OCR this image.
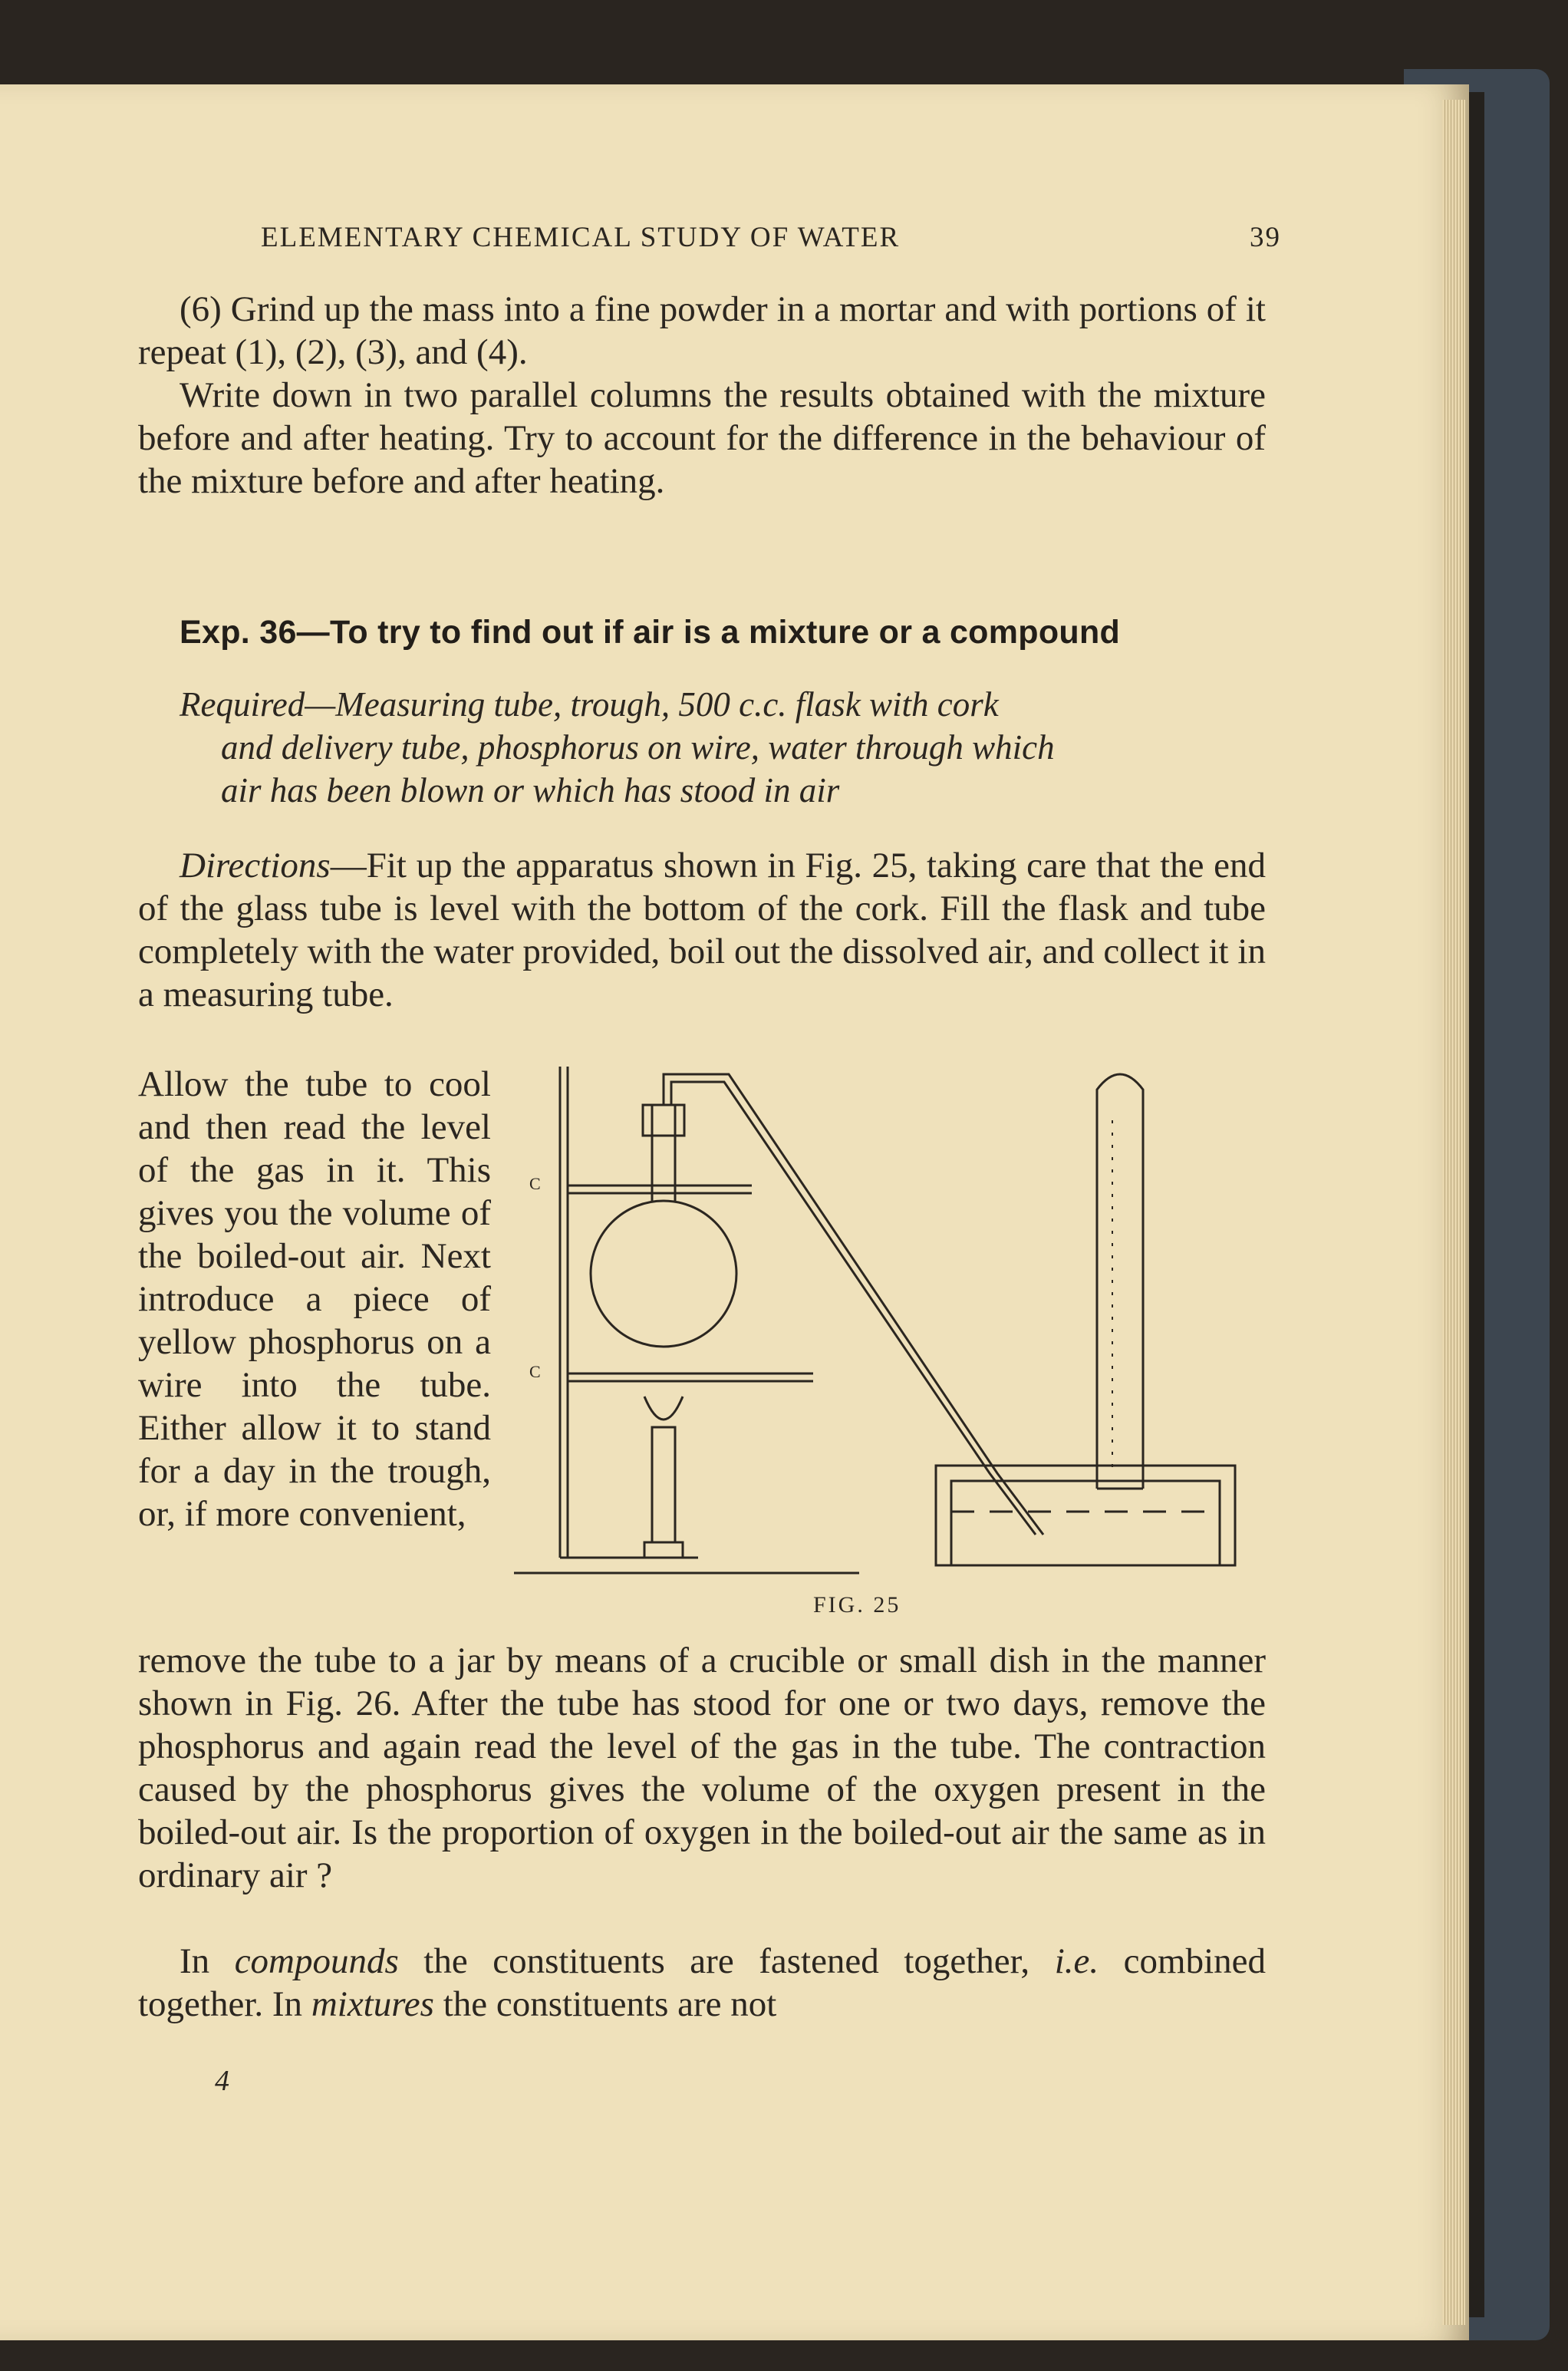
ELEMENTARY CHEMICAL STUDY OF WATER	39

(6) Grind up the mass into a fine powder in a mortar and with portions of it repeat (1), (2), (3), and (4).

Write down in two parallel columns the results obtained with the mixture before and after heating. Try to account for the difference in the behaviour of the mixture before and after heating.

Exp. 36—To try to find out if air is a mixture or a compound
Required—Measuring tube, trough, 500 c.c. flask with cork
and delivery tube, phosphorus on wire, water through which
air has been blown or which has stood in air

Directions—Fit up the apparatus shown in Fig. 25, taking care that the end of the glass tube is level with the bottom of the cork. Fill the flask and tube completely with the water provided, boil out the dissolved air, and collect it in a measuring tube.

Allow the tube to cool and then read the level of the gas in it. This gives you the volume of the boiled-out air. Next introduce a piece of yellow phosphorus on a wire into the tube. Either allow it to stand for a day in the trough, or, if more convenient,

C
C
FIG. 25

remove the tube to a jar by means of a crucible or small dish in the manner shown in Fig. 26. After the tube has stood for one or two days, remove the phosphorus and again read the level of the gas in the tube. The contraction caused by the phosphorus gives the volume of the oxygen present in the boiled-out air. Is the proportion of oxygen in the boiled-out air the same as in ordinary air ?

In compounds the constituents are fastened together, i.e. combined together. In mixtures the constituents are not

4
